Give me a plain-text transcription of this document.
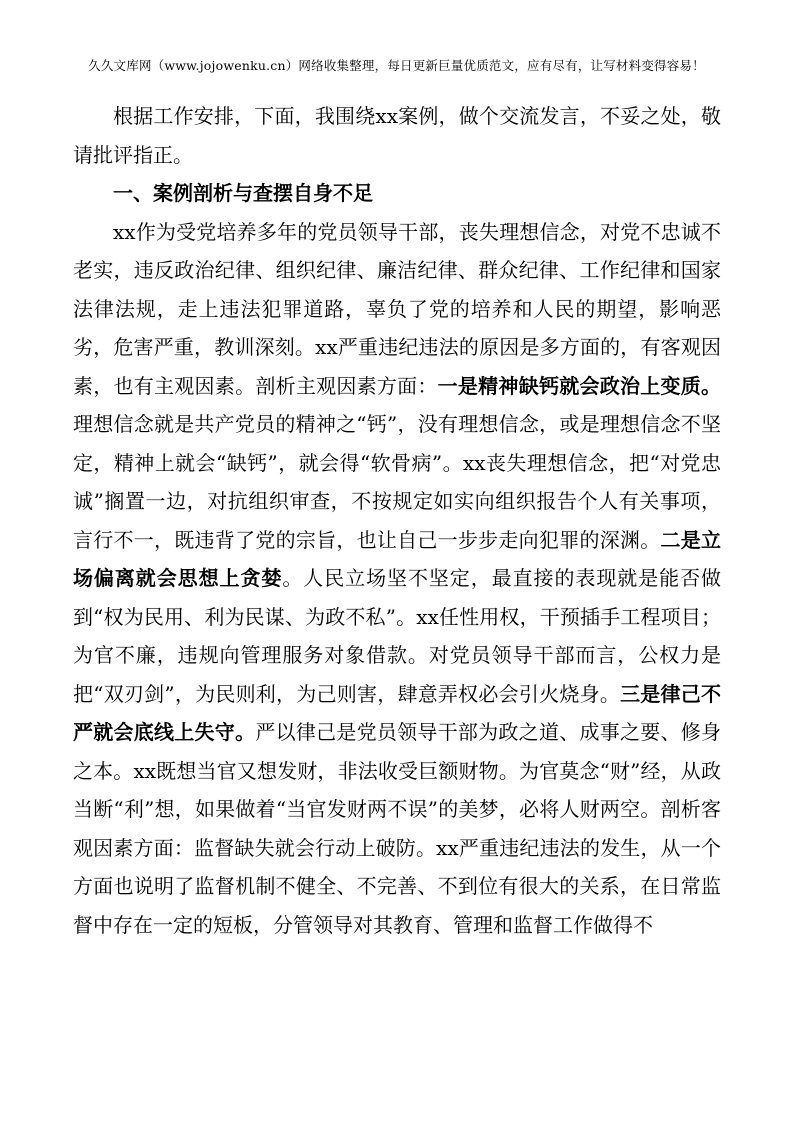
久久文库网（www.jojowenku.cn）网络收集整理，每日更新巨量优质范文，应有尽有，让写材料变得容易！

根据工作安排，下面，我围绕xx案例，做个交流发言，不妥之处，敬请批评指正。

一、案例剖析与查摆自身不足

xx作为受党培养多年的党员领导干部，丧失理想信念，对党不忠诚不老实，违反政治纪律、组织纪律、廉洁纪律、群众纪律、工作纪律和国家法律法规，走上违法犯罪道路，辜负了党的培养和人民的期望，影响恶劣，危害严重，教训深刻。xx严重违纪违法的原因是多方面的，有客观因素，也有主观因素。剖析主观因素方面：一是精神缺钙就会政治上变质。理想信念就是共产党员的精神之“钙”，没有理想信念，或是理想信念不坚定，精神上就会“缺钙”，就会得“软骨病”。xx丧失理想信念，把“对党忠诚”搁置一边，对抗组织审查，不按规定如实向组织报告个人有关事项，言行不一，既违背了党的宗旨，也让自己一步步走向犯罪的深渊。二是立场偏离就会思想上贪婪。人民立场坚不坚定，最直接的表现就是能否做到“权为民用、利为民谋、为政不私”。xx任性用权，干预插手工程项目；为官不廉，违规向管理服务对象借款。对党员领导干部而言，公权力是把“双刃剑”，为民则利，为己则害，肆意弄权必会引火烧身。三是律己不严就会底线上失守。严以律己是党员领导干部为政之道、成事之要、修身之本。xx既想当官又想发财，非法收受巨额财物。为官莫念“财”经，从政当断“利”想，如果做着“当官发财两不误”的美梦，必将人财两空。剖析客观因素方面：监督缺失就会行动上破防。xx严重违纪违法的发生，从一个方面也说明了监督机制不健全、不完善、不到位有很大的关系，在日常监督中存在一定的短板，分管领导对其教育、管理和监督工作做得不
